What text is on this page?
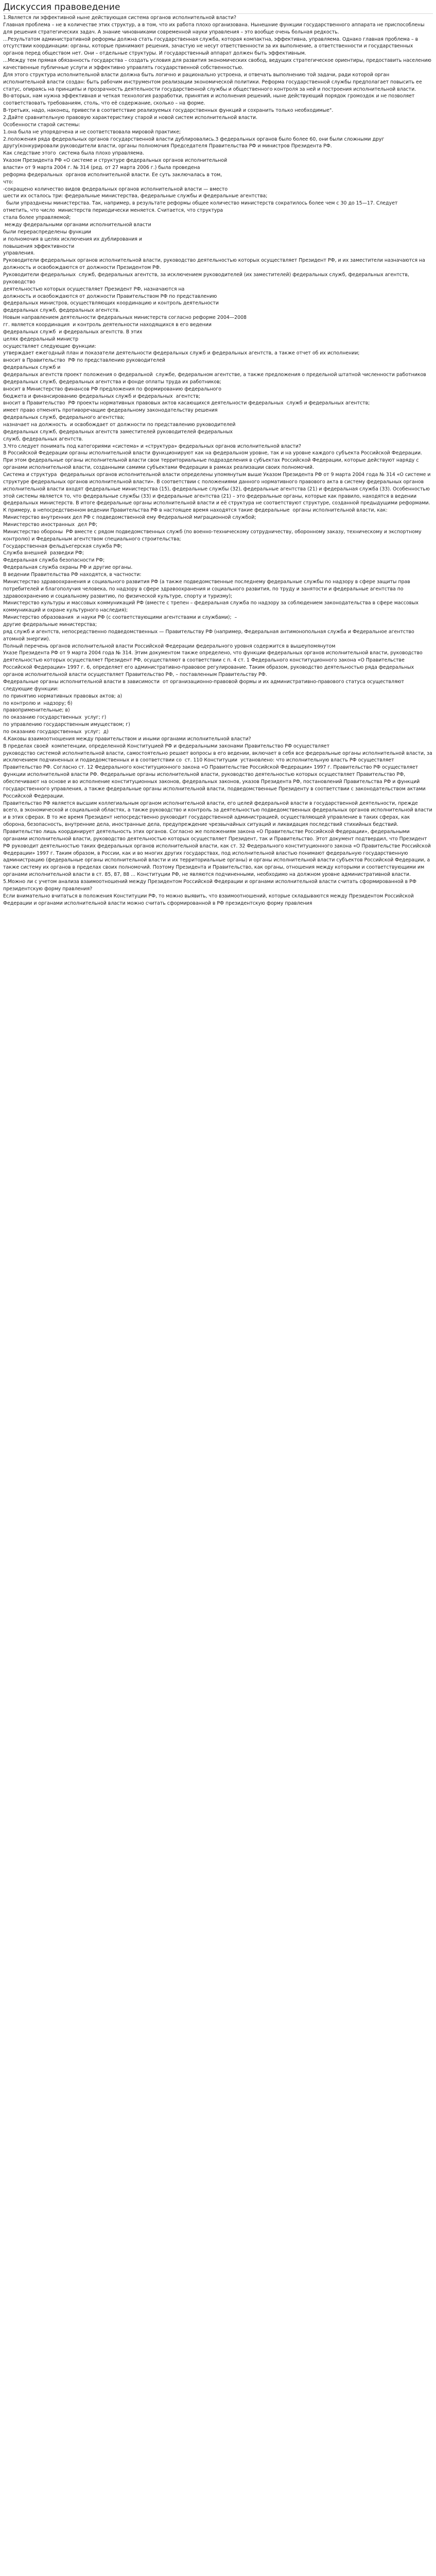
Дискуссия правоведение
1.Является ли эффективной ныне действующая система органов исполнительной власти?
Главная проблема – не в количестве этих структур, а в том, что их работа плохо организована. Нынешние функции государственного аппарата не приспособлены для решения стратегических задач. А знание чиновниками современной науки управления – это вообще очень больная редкость.
...Результатом административной реформы должна стать государственная служба, которая компактна, эффективна, управляема. Однако главная проблема – в отсутствии координации: органы, которые принимают решения, зачастую не несут ответственности за их выполнение, а ответственности и государственных органов перед обществом нет. Они – отдельные структуры. И государственный аппарат должен быть эффективным.
...Между тем прямая обязанность государства – создать условия для развития экономических свобод, ведущих стратегическое ориентиры, предоставить населению качественные публичные услуги и эффективно управлять государственной собственностью.
Для этого структура исполнительной власти должна быть логично и рационально устроена, и отвечать выполнению той задачи, ради которой орган исполнительной власти создан: быть рабочим инструментом реализации экономической политики. Реформа государственной службы предполагает повысить ее статус, опираясь на принципы и прозрачность деятельности государственной службы и общественного контроля за ней и построения исполнительной власти.
Во-вторых, нам нужна эффективная и четкая технология разработки, принятия и исполнения решений, ныне действующий порядок громоздок и не позволяет соответствовать требованиям, столь, что её содержание, сколько – на форме.
В-третьих, надо, наконец, привести в соответствие реализуемых государственных функций и сохранить только необходимые".
2.Дайте сравнительную правовую характеристику старой и новой систем исполнительной власти.
Особенности старой системы:
1.она была не упорядочена и не соответствовала мировой практике;
2.положения ряда федеральных органов государственной власти дублировались.3 федеральных органов было более 60, они были сложными друг другу(конкурировали руководители власти, органы полномочия Председателя Правительства РФ и министров Президента РФ.
Как следствие этого  система была плохо управляема.
Указом Президента РФ «О системе и структуре федеральных органов исполнительной
власти» от 9 марта 2004 г. № 314 (ред. от 27 марта 2006 г.) была проведена
реформа федеральных  органов исполнительной власти. Ее суть заключалась в том,
что:
-сокращено количество видов федеральных органов исполнительной власти — вместо
шести их осталось три: федеральные министерства, федеральные службы и федеральные агентства;
были упразднены министерства. Так, например, в результате реформы общее количество министерств сократилось более чем с 30 до 15—17. Следует
отметить, что число  министерств периодически меняется. Считается, что структура
стала более управляемой;
между федеральными органами исполнительной власти
были перераспределены функции
и полномочия в целях исключения их дублирования и
повышения эффективности
управления.
Руководители федеральных органов исполнительной власти, руководство деятельностью которых осуществляет Президент РФ, и их заместители назначаются на
должность и освобождаются от должности Президентом РФ.
Руководители федеральных  служб, федеральных агентств, за исключением руководителей (их заместителей) федеральных служб, федеральных агентств, руководство
деятельностью которых осуществляет Президент РФ, назначаются на
должность и освобождаются от должности Правительством РФ по представлению
федеральных министров, осуществляющих координацию и контроль деятельности
федеральных служб, федеральных агентств.
Новым направлением деятельности федеральных министерств согласно реформе 2004—2008
гг. является координация  и контроль деятельности находящихся в его ведении
федеральных служб  и федеральных агентств. В этих
целях федеральный министр
осуществляет следующие функции:
утверждает ежегодный план и показатели деятельности федеральных служб и федеральных агентств, а также отчет об их исполнении;
вносит в Правительство  РФ по представлению руководителей
федеральных служб и
федеральных агентств проект положения о федеральной  службе, федеральном агентстве, а также предложения о предельной штатной численности работников
федеральных служб, федеральных агентства и фонде оплаты труда их работников;
вносит в Министерство финансов РФ предложения по формированию федерального
бюджета и финансированию федеральных служб и федеральных  агентств;
вносит в Правительство  РФ проекты нормативных правовых актов касающихся деятельности федеральных  служб и федеральных агентств;
имеет право отменять противоречащие федеральному законодательству решения
федеральных служб, федерального агентства;
назначает на должность  и освобождает от должности по представлению руководителей
федеральных служб, федеральных агентств заместителей руководителей федеральных
служб, федеральных агентств.
3.Что следует понимать под категориями «система» и «структура» федеральных органов исполнительной власти?
В Российской Федерации органы исполнительной власти функционируют как на федеральном уровне, так и на уровне каждого субъекта Российской Федерации. При этом федеральные органы исполнительной власти свои территориальные подразделения в субъектах Российской Федерации, которые действуют наряду с органами исполнительной власти, созданными самими субъектами Федерации в рамках реализации своих полномочий.
Система и структура  федеральных органов исполнительной власти определены упомянутым выше Указом Президента РФ от 9 марта 2004 года № 314 «О системе и структуре федеральных органов исполнительной власти». В соответствии с положениями данного нормативного правового акта в систему федеральных органов исполнительной власти входят федеральные министерства (15), федеральные службы (32), федеральные агентства (21) и федеральная служба (33). Особенностью этой системы является то, что федеральные службы (33) и федеральные агентства (21) – это федеральные органы, которые как правило, находятся в ведении федеральных министерств. В итоге федеральные органы исполнительной власти и её структура не соответствуют структуре, созданной предыдущими реформами.
К примеру, в непосредственном ведении Правительства РФ в настоящее время находятся такие федеральные  органы исполнительной власти, как:
Министерство внутренних дел РФ с подведомственной ему Федеральной миграционной службой;
Министерство иностранных  дел РФ;
Министерство обороны  РФ вместе с рядом подведомственных служб (по военно-техническому сотрудничеству, оборонному заказу, техническому и экспортному контролю) и Федеральным агентством специального строительства;
Государственная фельдъегерская служба РФ;
Служба внешней  разведки РФ;
Федеральная служба безопасности РФ;
Федеральная служба охраны РФ и другие органы.
В ведении Правительства РФ находятся, в частности:
Министерство здравоохранения и социального развития РФ (а также подведомственные последнему федеральные службы по надзору в сфере защиты прав потребителей и благополучия человека, по надзору в сфере здравоохранения и социального развития, по труду и занятости и федеральные агентства по здравоохранению и социальному развитию, по физической культуре, спорту и туризму);
Министерство культуры и массовых коммуникаций РФ (вместе с трепен – федеральная служба по надзору за соблюдением законодательства в сфере массовых коммуникаций и охране культурного наследия);
Министерство образования  и науки РФ (с соответствующими агентствами и службами);  –
другие федеральные министерства;
ряд служб и агентств, непосредственно подведомственных — Правительству РФ (например, Федеральная антимонопольная служба и Федеральное агентство атомной энергии).
Полный перечень органов исполнительной власти Российской Федерации федерального уровня содержится в вышеупомянутом
Указе Президента РФ от 9 марта 2004 года № 314. Этим документом также определено, что функции федеральных органов исполнительной власти, руководство деятельностью которых осуществляет Президент РФ, осуществляют в соответствии с п. 4 ст. 1 Федерального конституционного закона «О Правительстве Российской Федерации» 1997 г. 6, определяет его административно-правовое регулирование. Таким образом, руководство деятельностью ряда федеральных органов исполнительной власти осуществляет Правительство РФ, – поставленным Правительству РФ.
Федеральные органы исполнительной власти в зависимости  от организационно-правовой формы и их административно-правового статуса осуществляют следующие функции:
по принятию нормативных правовых актов; а)
по контролю и  надзору; б)
правоприменительные; в)
по оказанию государственных  услуг; г)
по управлению государственным имуществом; г)
по оказанию государственных  услуг;  д)
4.Каковы взаимоотношения между правительством и иными органами исполнительной власти?
В пределах своей  компетенции, определенной Конституцией РФ и федеральными законами Правительство РФ осуществляет
руководство системой исполнительной власти, самостоятельно решает вопросы в его ведении, включает в себя все федеральные органы исполнительной власти, за исключением подчиненных и подведомственных и в соответствии со  ст. 110 Конституции  установлено: что исполнительную власть РФ осуществляет Правительство РФ. Согласно ст. 12 Федерального конституционного закона «О Правительстве Российской Федерации» 1997 г. Правительство РФ осуществляет функции исполнительной власти РФ. Федеральные органы исполнительной власти, руководство деятельностью которых осуществляет Правительство РФ, обеспечивают на основе и во исполнение конституционных законов, федеральных законов, указов Президента РФ, постановлений Правительства РФ и функций государственного управления, а также федеральные органы исполнительной власти, подведомственные Президенту в соответствии с законодательством актами Российской Федерации.
Правительство РФ является высшим коллегиальным органом исполнительной власти, его целей федеральной власти в государственной деятельности, прежде всего, в экономической и социальной областях, а также руководство и контроль за деятельностью подведомственных федеральных органов исполнительной власти и в этих сферах. В то же время Президент непосредственно руководит государственной администрацией, осуществляющей управление в таких сферах, как оборона, безопасность, внутренние дела, иностранные дела, предупреждение чрезвычайных ситуаций и ликвидация последствий стихийных бедствий. Правительство лишь координирует деятельность этих органов. Согласно же положениям закона «О Правительстве Российской Федерации», федеральными органами исполнительной власти, руководство деятельностью которых осуществляет Президент, так и Правительство. Этот документ подтвердил, что Президент РФ руководит деятельностью таких федеральных органов исполнительной власти, как ст. 32 Федерального конституционного закона «О Правительстве Российской Федерации» 1997 г. Таким образом, в России, как и во многих других государствах, под исполнительной властью понимают федеральную государственную администрацию (федеральные органы исполнительной власти и их территориальные органы) и органы исполнительной власти субъектов Российской Федерации, а также систему их органов в пределах своих полномочий. Поэтому Президента и Правительство, как органы, отношения между которыми и соответствующими им органами исполнительной власти в ст. 85, 87, 88 ... Конституции РФ, не являются подчиненными, необходимо на должном уровне административной власти.
5.Можно ли с учетом анализа взаимоотношений между Президентом Российской Федерации и органами исполнительной власти считать сформированной в РФ президентскую форму правления?
Если внимательно вчитаться в положения Конституции РФ, то можно выявить, что взаимоотношений, которые складываются между Президентом Российской Федерации и органами исполнительной власти можно считать сформированной в РФ президентскую форму правления
